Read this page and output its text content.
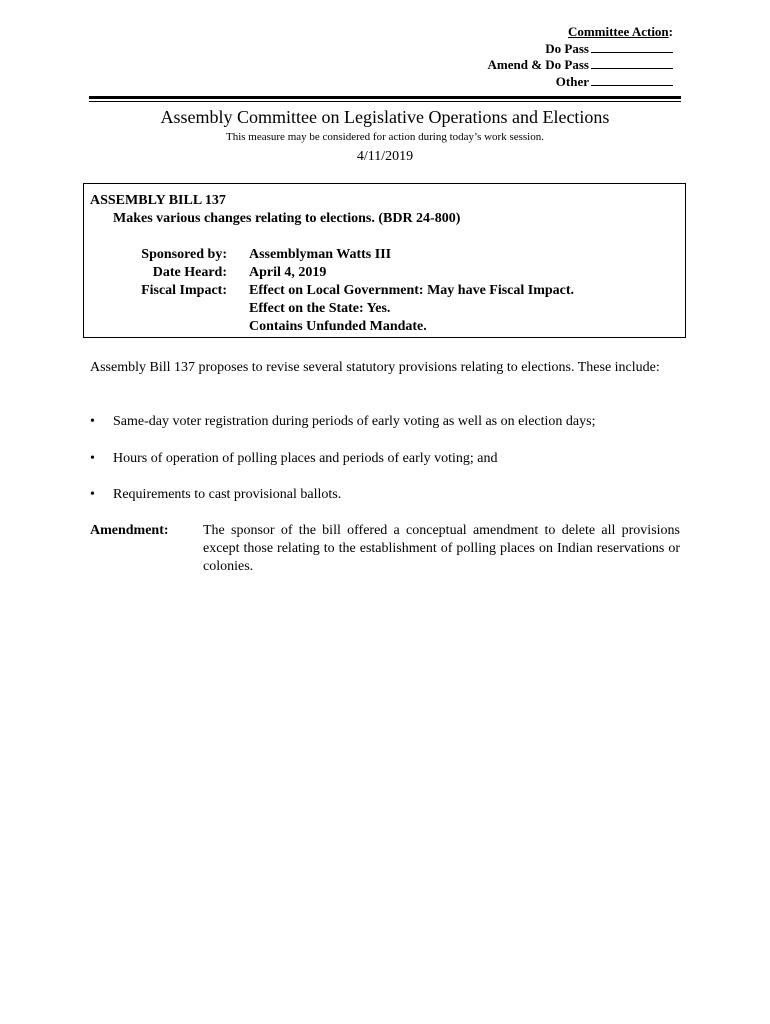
Committee Action:
Do Pass
Amend & Do Pass
Other
Assembly Committee on Legislative Operations and Elections
This measure may be considered for action during today’s work session.
4/11/2019
ASSEMBLY BILL 137
Makes various changes relating to elections. (BDR 24-800)
Sponsored by:
Date Heard:
Fiscal Impact:
Assemblyman Watts III
April 4, 2019
Effect on Local Government: May have Fiscal Impact.
Effect on the State: Yes.
Contains Unfunded Mandate.
Assembly Bill 137 proposes to revise several statutory provisions relating to elections. These include:
• Same-day voter registration during periods of early voting as well as on election days;
• Hours of operation of polling places and periods of early voting; and
• Requirements to cast provisional ballots.
Amendment: The sponsor of the bill offered a conceptual amendment to delete all provisions except those relating to the establishment of polling places on Indian reservations or colonies.
